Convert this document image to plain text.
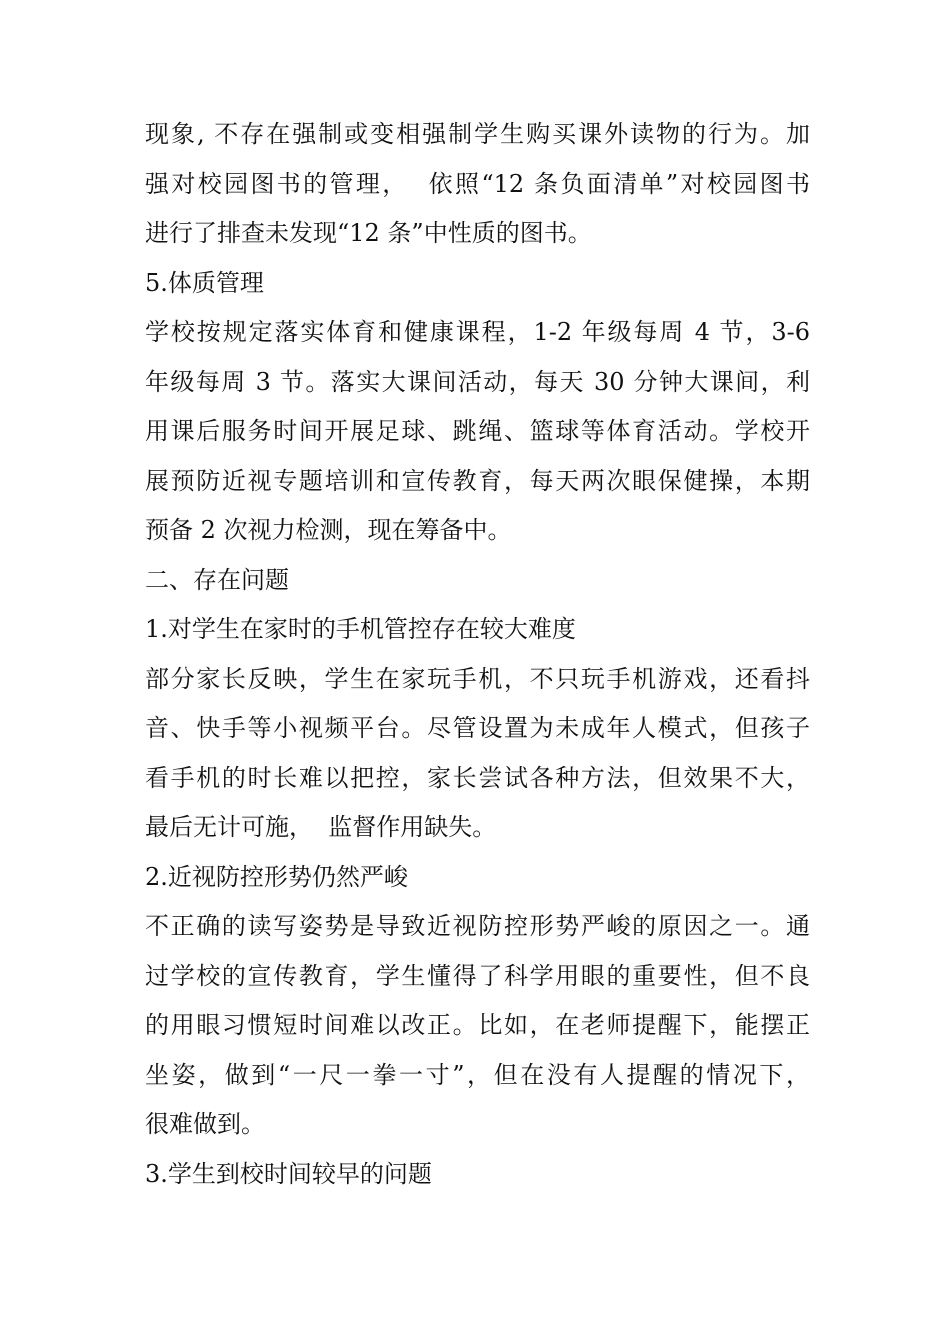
现象, 不存在强制或变相强制学生购买课外读物的行为。加
强对校园图书的管理，  依照“12 条负面清单”对校园图书
进行了排查未发现“12 条”中性质的图书。
5.体质管理
学校按规定落实体育和健康课程，1-2 年级每周 4 节，3-6
年级每周 3 节。落实大课间活动，每天 30 分钟大课间，利
用课后服务时间开展足球、跳绳、篮球等体育活动。学校开
展预防近视专题培训和宣传教育，每天两次眼保健操，本期
预备 2 次视力检测，现在筹备中。
二、存在问题
1.对学生在家时的手机管控存在较大难度
部分家长反映，学生在家玩手机，不只玩手机游戏，还看抖
音、快手等小视频平台。尽管设置为未成年人模式，但孩子
看手机的时长难以把控，家长尝试各种方法，但效果不大，
最后无计可施，  监督作用缺失。
2.近视防控形势仍然严峻
不正确的读写姿势是导致近视防控形势严峻的原因之一。通
过学校的宣传教育，学生懂得了科学用眼的重要性，但不良
的用眼习惯短时间难以改正。比如，在老师提醒下，能摆正
坐姿，做到“一尺一拳一寸”，但在没有人提醒的情况下，
很难做到。
3.学生到校时间较早的问题
